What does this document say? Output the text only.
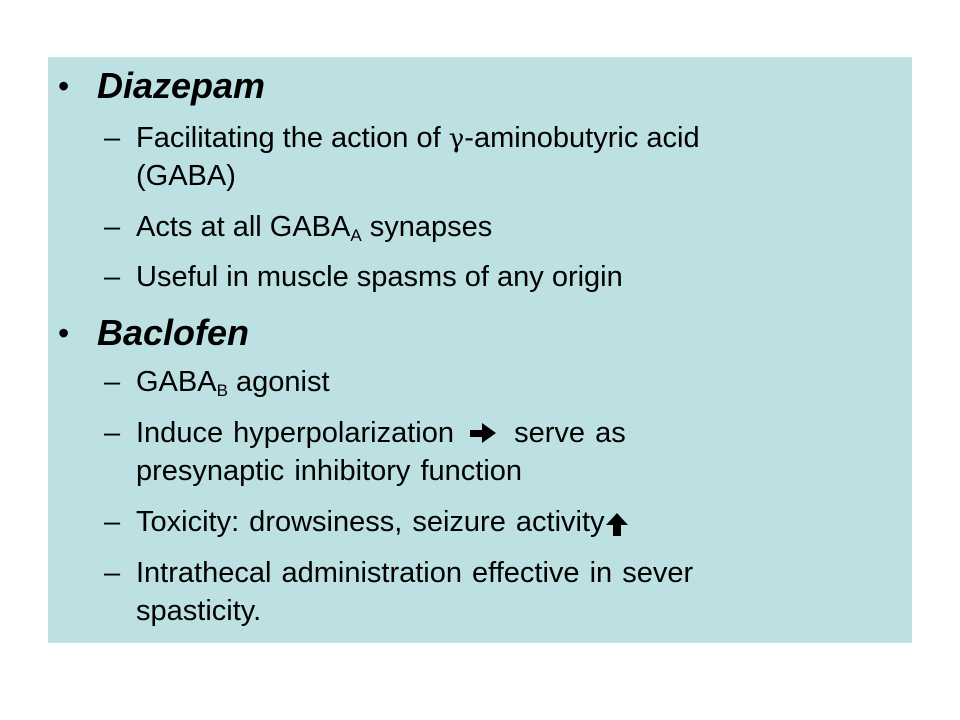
• Diazepam
– Facilitating the action of γ-aminobutyric acid
(GABA)
– Acts at all $GABA_A$ synapses
– Useful in muscle spasms of any origin
• Baclofen
– $GABA_B$ agonist
– Induce hyperpolarization  serve as
presynaptic inhibitory function
– Toxicity: drowsiness, seizure activity
– Intrathecal administration effective in sever
spasticity.
